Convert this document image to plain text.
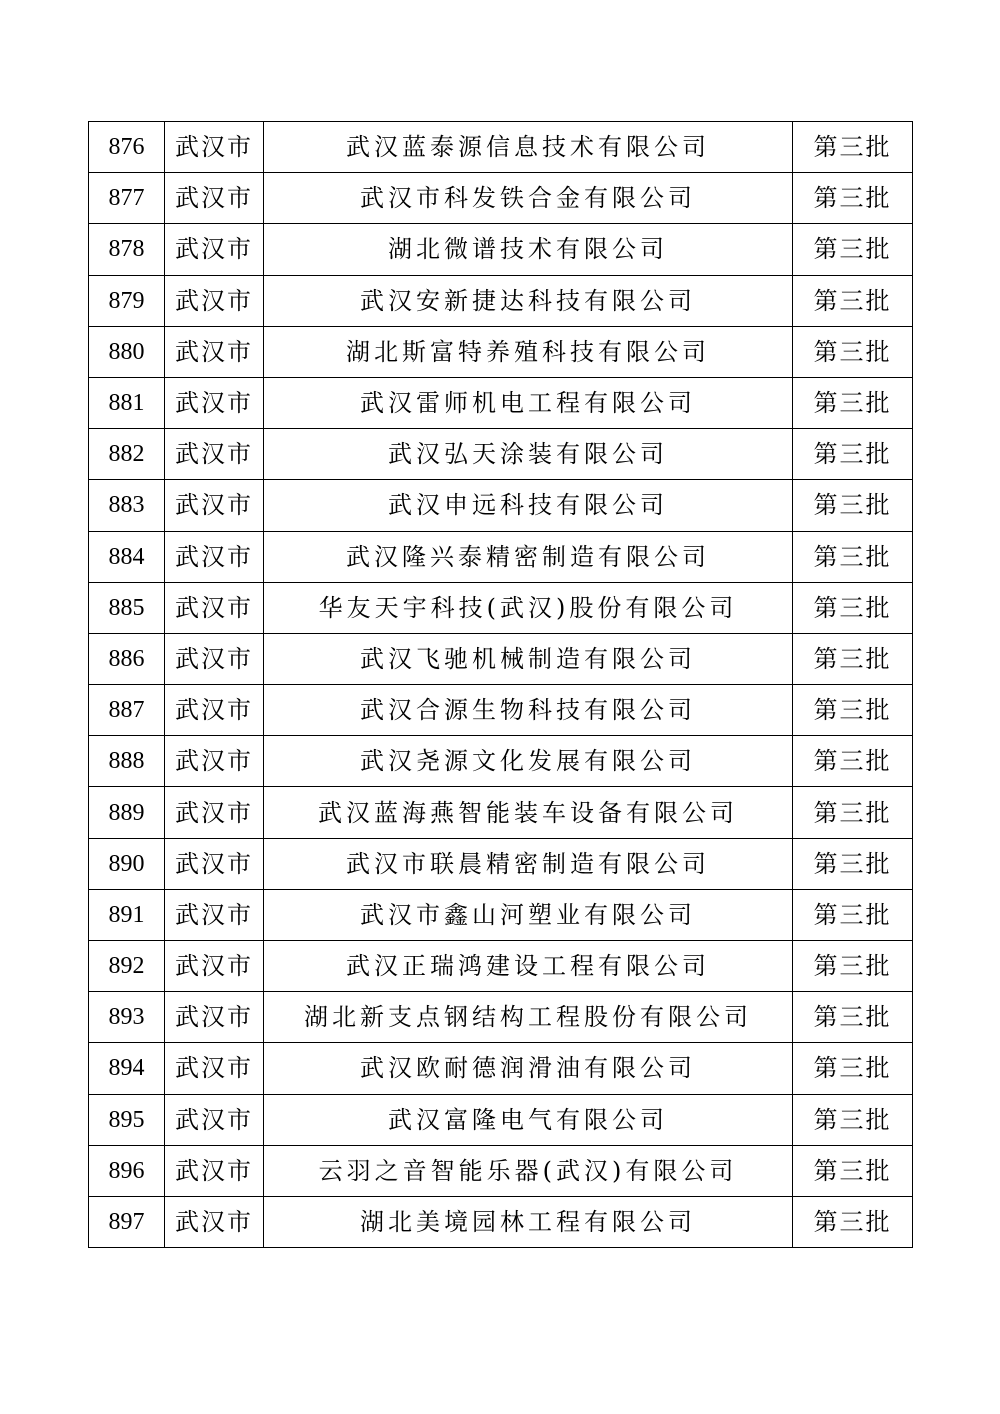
876	武汉市	武汉蓝泰源信息技术有限公司	第三批
877	武汉市	武汉市科发铁合金有限公司	第三批
878	武汉市	湖北微谱技术有限公司	第三批
879	武汉市	武汉安新捷达科技有限公司	第三批
880	武汉市	湖北斯富特养殖科技有限公司	第三批
881	武汉市	武汉雷师机电工程有限公司	第三批
882	武汉市	武汉弘天涂装有限公司	第三批
883	武汉市	武汉申远科技有限公司	第三批
884	武汉市	武汉隆兴泰精密制造有限公司	第三批
885	武汉市	华友天宇科技(武汉)股份有限公司	第三批
886	武汉市	武汉飞驰机械制造有限公司	第三批
887	武汉市	武汉合源生物科技有限公司	第三批
888	武汉市	武汉尧源文化发展有限公司	第三批
889	武汉市	武汉蓝海燕智能装车设备有限公司	第三批
890	武汉市	武汉市联晨精密制造有限公司	第三批
891	武汉市	武汉市鑫山河塑业有限公司	第三批
892	武汉市	武汉正瑞鸿建设工程有限公司	第三批
893	武汉市	湖北新支点钢结构工程股份有限公司	第三批
894	武汉市	武汉欧耐德润滑油有限公司	第三批
895	武汉市	武汉富隆电气有限公司	第三批
896	武汉市	云羽之音智能乐器(武汉)有限公司	第三批
897	武汉市	湖北美境园林工程有限公司	第三批
